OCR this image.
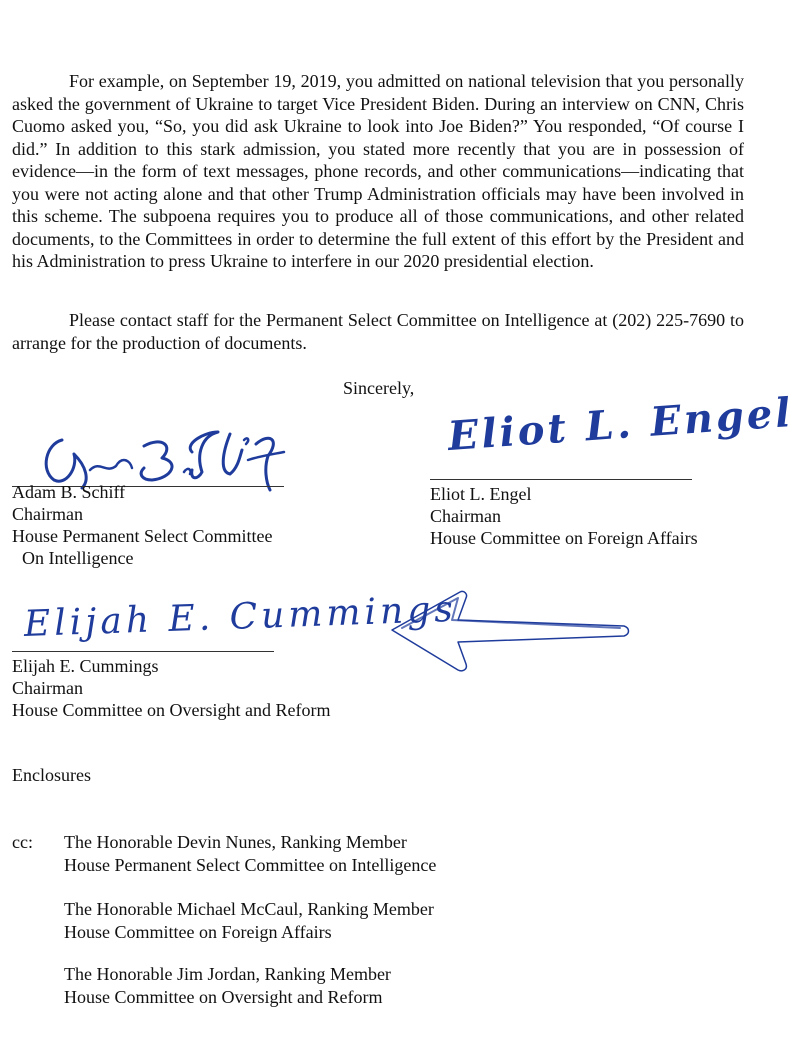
For example, on September 19, 2019, you admitted on national television that you personally asked the government of Ukraine to target Vice President Biden. During an interview on CNN, Chris Cuomo asked you, “So, you did ask Ukraine to look into Joe Biden?” You responded, “Of course I did.” In addition to this stark admission, you stated more recently that you are in possession of evidence—in the form of text messages, phone records, and other communications—indicating that you were not acting alone and that other Trump Administration officials may have been involved in this scheme. The subpoena requires you to produce all of those communications, and other related documents, to the Committees in order to determine the full extent of this effort by the President and his Administration to press Ukraine to interfere in our 2020 presidential election.

Please contact staff for the Permanent Select Committee on Intelligence at (202) 225-7690 to arrange for the production of documents.

Sincerely,
Adam B. Schiff
Chairman
House Permanent Select Committee
On Intelligence
Eliot L. Engel
Eliot L. Engel
Chairman
House Committee on Foreign Affairs
Elijah E. Cummings
Elijah E. Cummings
Chairman
House Committee on Oversight and Reform
Enclosures
cc: The Honorable Devin Nunes, Ranking Member
House Permanent Select Committee on Intelligence
The Honorable Michael McCaul, Ranking Member
House Committee on Foreign Affairs
The Honorable Jim Jordan, Ranking Member
House Committee on Oversight and Reform
